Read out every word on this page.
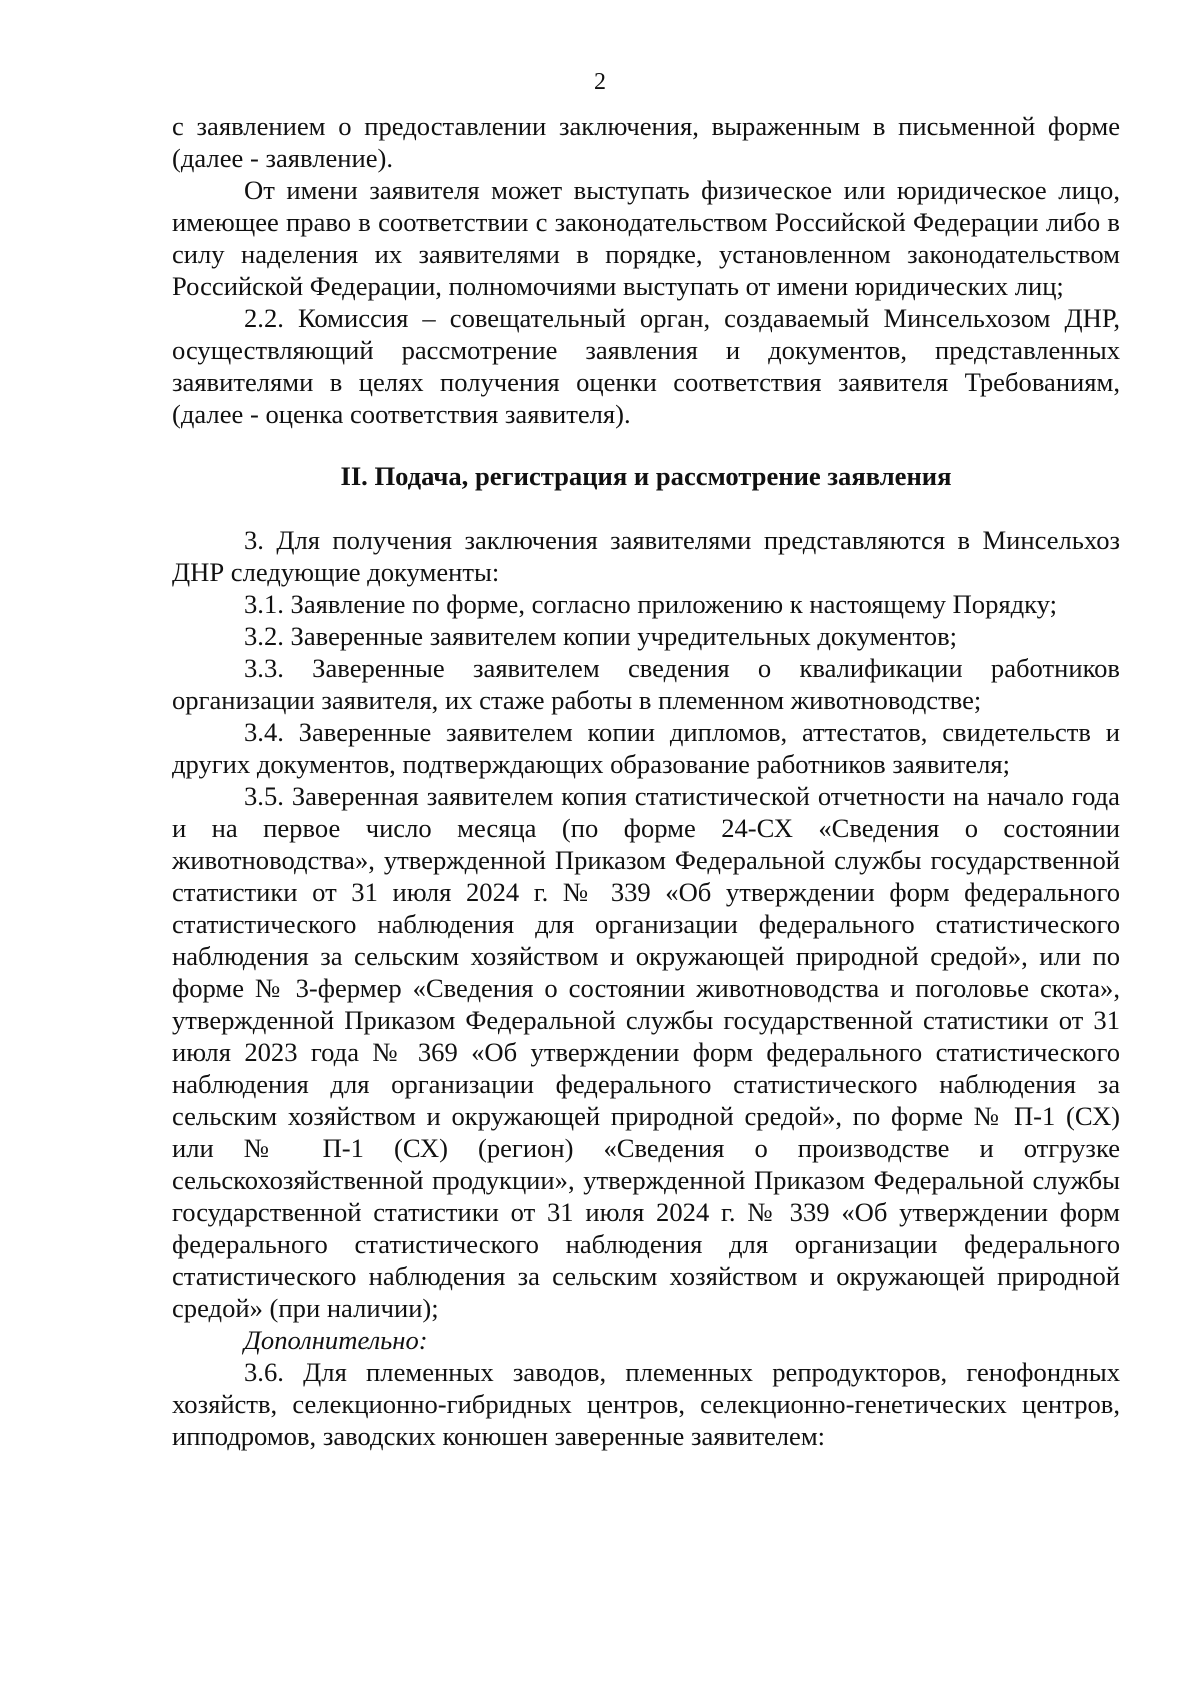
2

с заявлением о предоставлении заключения, выраженным в письменной форме (далее - заявление).

От имени заявителя может выступать физическое или юридическое лицо, имеющее право в соответствии с законодательством Российской Федерации либо в силу наделения их заявителями в порядке, установленном законодательством Российской Федерации, полномочиями выступать от имени юридических лиц;

2.2. Комиссия – совещательный орган, создаваемый Минсельхозом ДНР, осуществляющий рассмотрение заявления и документов, представленных заявителями в целях получения оценки соответствия заявителя Требованиям, (далее - оценка соответствия заявителя).

II. Подача, регистрация и рассмотрение заявления

3. Для получения заключения заявителями представляются в Минсельхоз ДНР следующие документы:

3.1. Заявление по форме, согласно приложению к настоящему Порядку;

3.2. Заверенные заявителем копии учредительных документов;

3.3. Заверенные заявителем сведения о квалификации работников организации заявителя, их стаже работы в племенном животноводстве;

3.4. Заверенные заявителем копии дипломов, аттестатов, свидетельств и других документов, подтверждающих образование работников заявителя;

3.5. Заверенная заявителем копия статистической отчетности на начало года и на первое число месяца (по форме 24-СХ «Сведения о состоянии животноводства», утвержденной Приказом Федеральной службы государственной статистики от 31 июля 2024 г. № 339 «Об утверждении форм федерального статистического наблюдения для организации федерального статистического наблюдения за сельским хозяйством и окружающей природной средой», или по форме № 3-фермер «Сведения о состоянии животноводства и поголовье скота», утвержденной Приказом Федеральной службы государственной статистики от 31 июля 2023 года № 369 «Об утверждении форм федерального статистического наблюдения для организации федерального статистического наблюдения за сельским хозяйством и окружающей природной средой», по форме № П-1 (СХ) или № П-1 (СХ) (регион) «Сведения о производстве и отгрузке сельскохозяйственной продукции», утвержденной Приказом Федеральной службы государственной статистики от 31 июля 2024 г. № 339 «Об утверждении форм федерального статистического наблюдения для организации федерального статистического наблюдения за сельским хозяйством и окружающей природной средой» (при наличии);

Дополнительно:

3.6. Для племенных заводов, племенных репродукторов, генофондных хозяйств, селекционно-гибридных центров, селекционно-генетических центров, ипподромов, заводских конюшен заверенные заявителем:
